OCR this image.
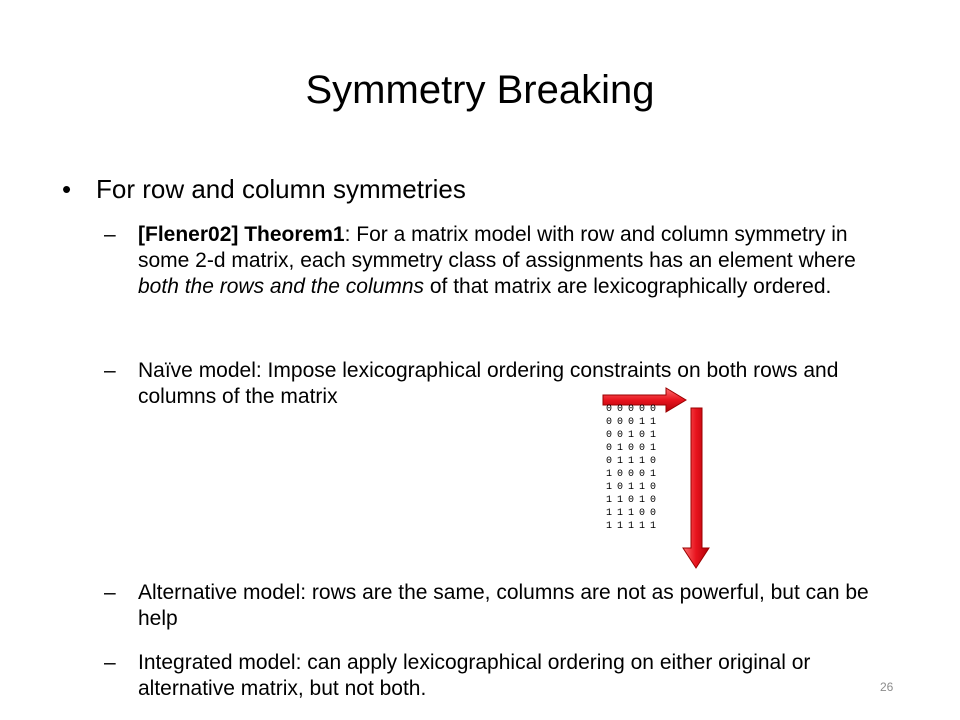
Symmetry Breaking
• For row and column symmetries
– [Flener02] Theorem1: For a matrix model with row and column symmetry in some 2-d matrix, each symmetry class of assignments has an element where both the rows and the columns of that matrix are lexicographically ordered.
– Naïve model: Impose lexicographical ordering constraints on both rows and columns of the matrix
0 0 0 0 0
0 0 0 1 1
0 0 1 0 1
0 1 0 0 1
0 1 1 1 0
1 0 0 0 1
1 0 1 1 0
1 1 0 1 0
1 1 1 0 0
1 1 1 1 1
– Alternative model: rows are the same, columns are not as powerful, but can be help
– Integrated model: can apply lexicographical ordering on either original or alternative matrix, but not both.	26
